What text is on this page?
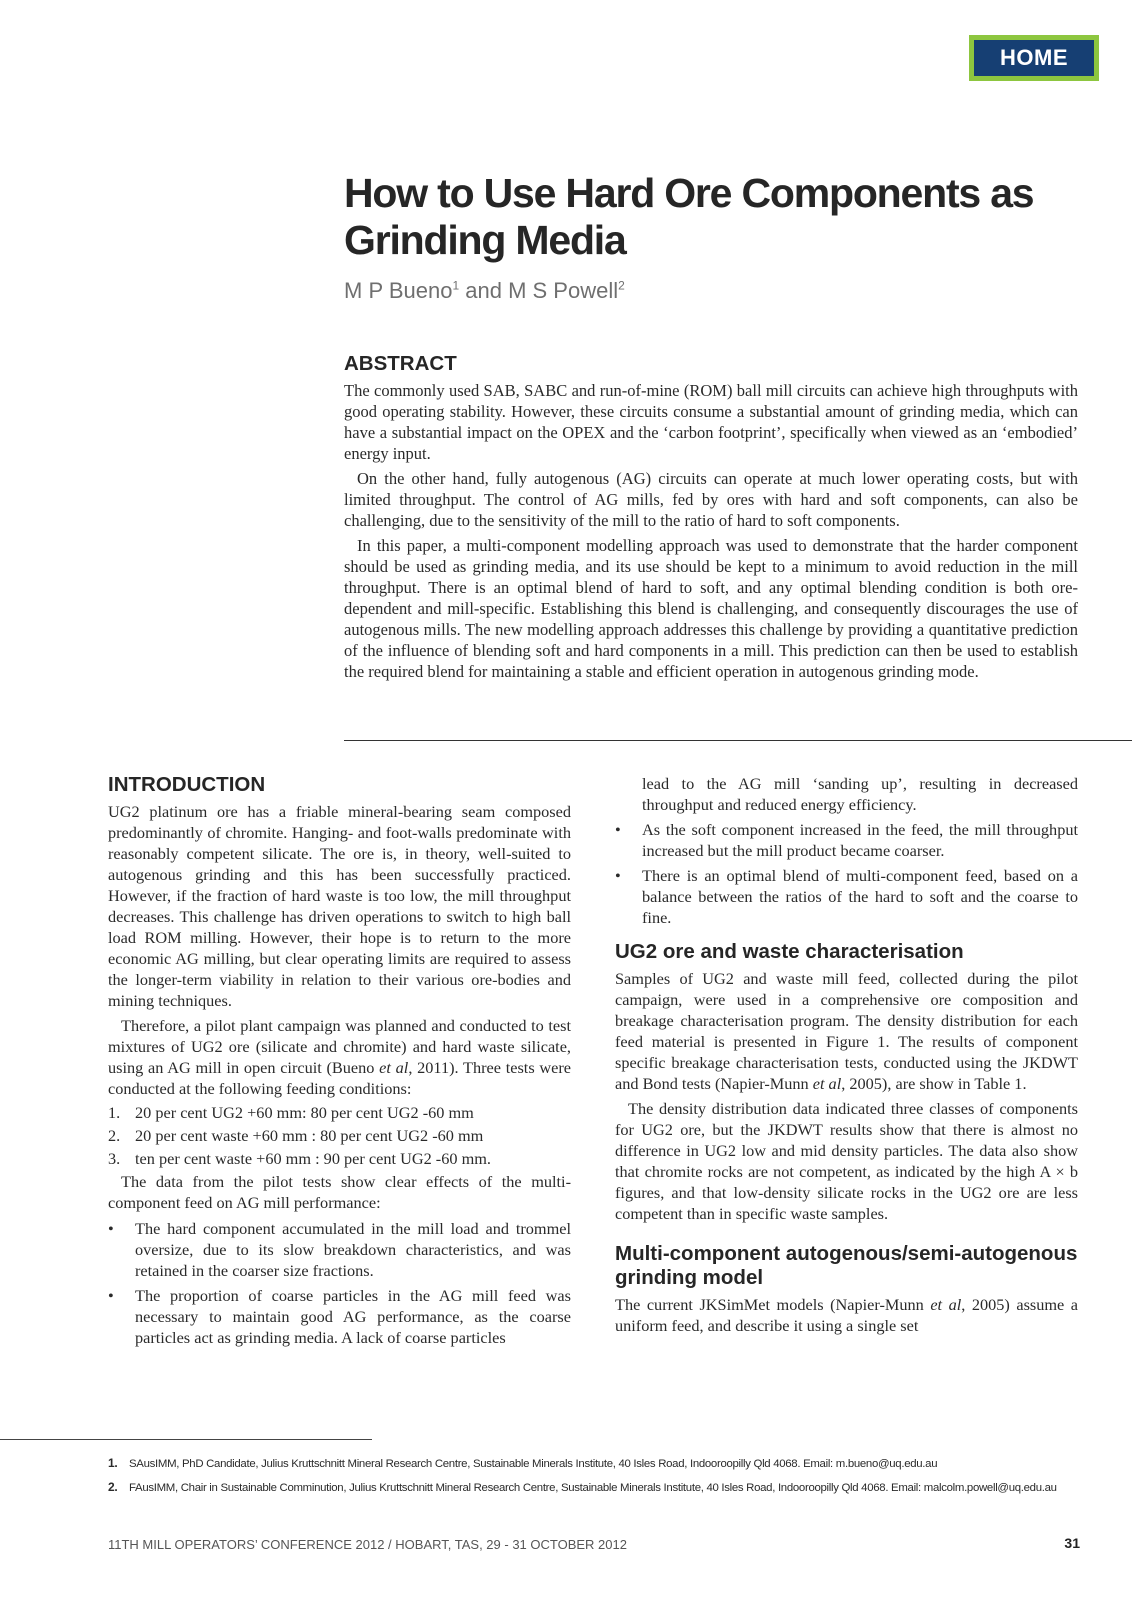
HOME
How to Use Hard Ore Components as Grinding Media
M P Bueno$^1$ and M S Powell$^2$
ABSTRACT

The commonly used SAB, SABC and run-of-mine (ROM) ball mill circuits can achieve high throughputs with good operating stability. However, these circuits consume a substantial amount of grinding media, which can have a substantial impact on the OPEX and the ‘carbon footprint’, specifically when viewed as an ‘embodied’ energy input.

On the other hand, fully autogenous (AG) circuits can operate at much lower operating costs, but with limited throughput. The control of AG mills, fed by ores with hard and soft components, can also be challenging, due to the sensitivity of the mill to the ratio of hard to soft components.

In this paper, a multi-component modelling approach was used to demonstrate that the harder component should be used as grinding media, and its use should be kept to a minimum to avoid reduction in the mill throughput. There is an optimal blend of hard to soft, and any optimal blending condition is both ore-dependent and mill-specific. Establishing this blend is challenging, and consequently discourages the use of autogenous mills. The new modelling approach addresses this challenge by providing a quantitative prediction of the influence of blending soft and hard components in a mill. This prediction can then be used to establish the required blend for maintaining a stable and efficient operation in autogenous grinding mode.

INTRODUCTION

UG2 platinum ore has a friable mineral-bearing seam composed predominantly of chromite. Hanging- and foot-walls predominate with reasonably competent silicate. The ore is, in theory, well-suited to autogenous grinding and this has been successfully practiced. However, if the fraction of hard waste is too low, the mill throughput decreases. This challenge has driven operations to switch to high ball load ROM milling. However, their hope is to return to the more economic AG milling, but clear operating limits are required to assess the longer-term viability in relation to their various ore-bodies and mining techniques.

Therefore, a pilot plant campaign was planned and conducted to test mixtures of UG2 ore (silicate and chromite) and hard waste silicate, using an AG mill in open circuit (Bueno et al, 2011). Three tests were conducted at the following feeding conditions:

1. 20 per cent UG2 +60 mm: 80 per cent UG2 -60 mm
2. 20 per cent waste +60 mm : 80 per cent UG2 -60 mm
3. ten per cent waste +60 mm : 90 per cent UG2 -60 mm.

The data from the pilot tests show clear effects of the multi-component feed on AG mill performance:

• The hard component accumulated in the mill load and trommel oversize, due to its slow breakdown characteristics, and was retained in the coarser size fractions.
• The proportion of coarse particles in the AG mill feed was necessary to maintain good AG performance, as the coarse particles act as grinding media. A lack of coarse particles
lead to the AG mill ‘sanding up’, resulting in decreased throughput and reduced energy efficiency.
• As the soft component increased in the feed, the mill throughput increased but the mill product became coarser.
• There is an optimal blend of multi-component feed, based on a balance between the ratios of the hard to soft and the coarse to fine.
UG2 ore and waste characterisation

Samples of UG2 and waste mill feed, collected during the pilot campaign, were used in a comprehensive ore composition and breakage characterisation program. The density distribution for each feed material is presented in Figure 1. The results of component specific breakage characterisation tests, conducted using the JKDWT and Bond tests (Napier-Munn et al, 2005), are show in Table 1.

The density distribution data indicated three classes of components for UG2 ore, but the JKDWT results show that there is almost no difference in UG2 low and mid density particles. The data also show that chromite rocks are not competent, as indicated by the high A × b figures, and that low-density silicate rocks in the UG2 ore are less competent than in specific waste samples.

Multi-component autogenous/semi-autogenous grinding model

The current JKSimMet models (Napier-Munn et al, 2005) assume a uniform feed, and describe it using a single set

1. SAusIMM, PhD Candidate, Julius Kruttschnitt Mineral Research Centre, Sustainable Minerals Institute, 40 Isles Road, Indooroopilly Qld 4068. Email: m.bueno@uq.edu.au
2. FAusIMM, Chair in Sustainable Comminution, Julius Kruttschnitt Mineral Research Centre, Sustainable Minerals Institute, 40 Isles Road, Indooroopilly Qld 4068. Email: malcolm.powell@uq.edu.au
11TH MILL OPERATORS’ CONFERENCE 2012 / HOBART, TAS, 29 - 31 OCTOBER 2012	31
